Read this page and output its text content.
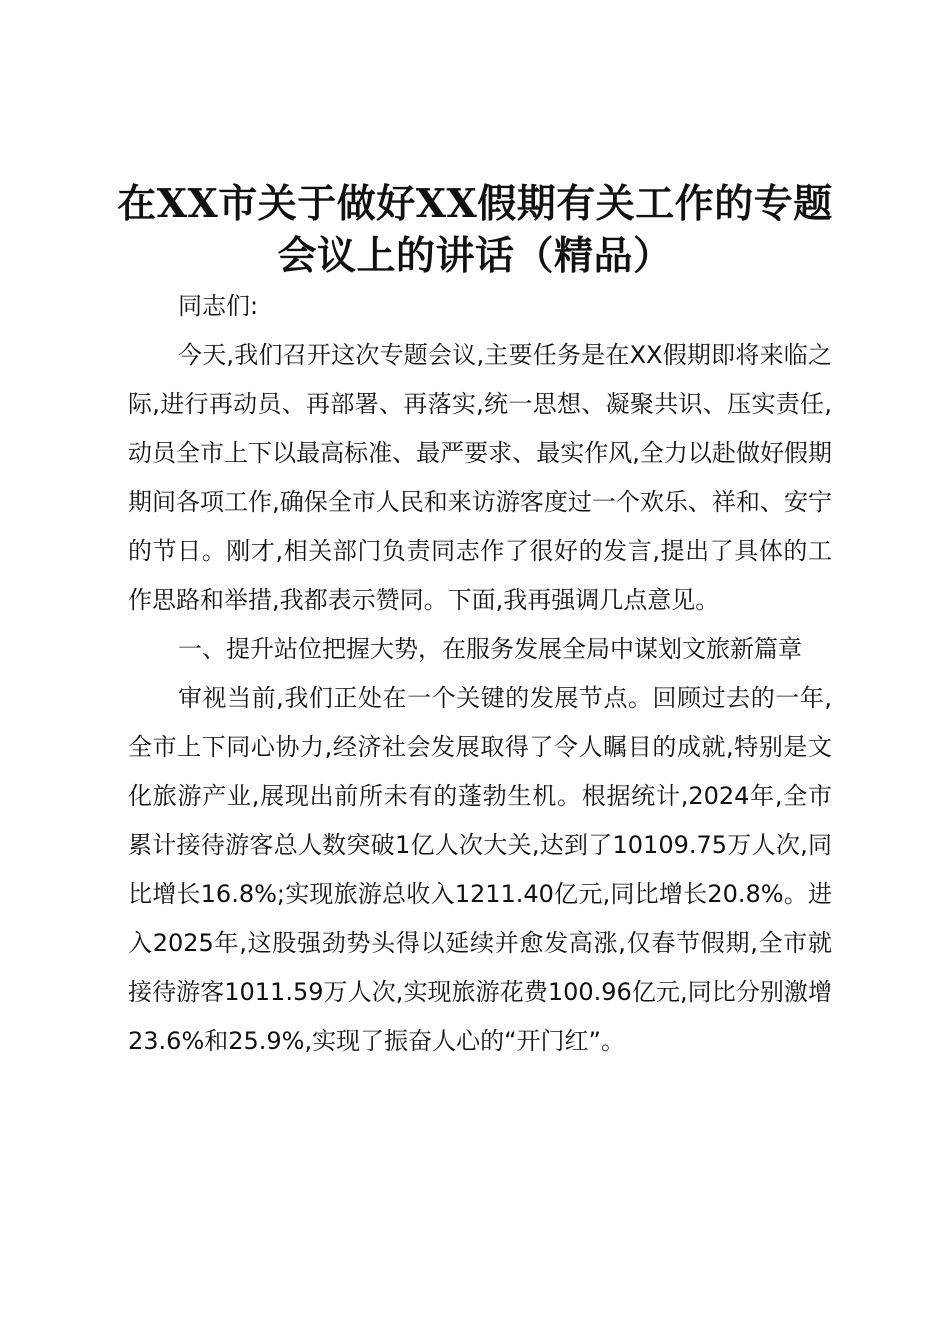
在XX市关于做好XX假期有关工作的专题会议上的讲话（精品）

同志们:

今天,我们召开这次专题会议,主要任务是在XX假期即将来临之际,进行再动员、再部署、再落实,统一思想、凝聚共识、压实责任,动员全市上下以最高标准、最严要求、最实作风,全力以赴做好假期期间各项工作,确保全市人民和来访游客度过一个欢乐、祥和、安宁的节日。刚才,相关部门负责同志作了很好的发言,提出了具体的工作思路和举措,我都表示赞同。下面,我再强调几点意见。

一、提升站位把握大势，在服务发展全局中谋划文旅新篇章

审视当前,我们正处在一个关键的发展节点。回顾过去的一年,全市上下同心协力,经济社会发展取得了令人瞩目的成就,特别是文化旅游产业,展现出前所未有的蓬勃生机。根据统计,2024年,全市累计接待游客总人数突破1亿人次大关,达到了10109.75万人次,同比增长16.8%;实现旅游总收入1211.40亿元,同比增长20.8%。进入2025年,这股强劲势头得以延续并愈发高涨,仅春节假期,全市就接待游客1011.59万人次,实现旅游花费100.96亿元,同比分别激增23.6%和25.9%,实现了振奋人心的“开门红”。
